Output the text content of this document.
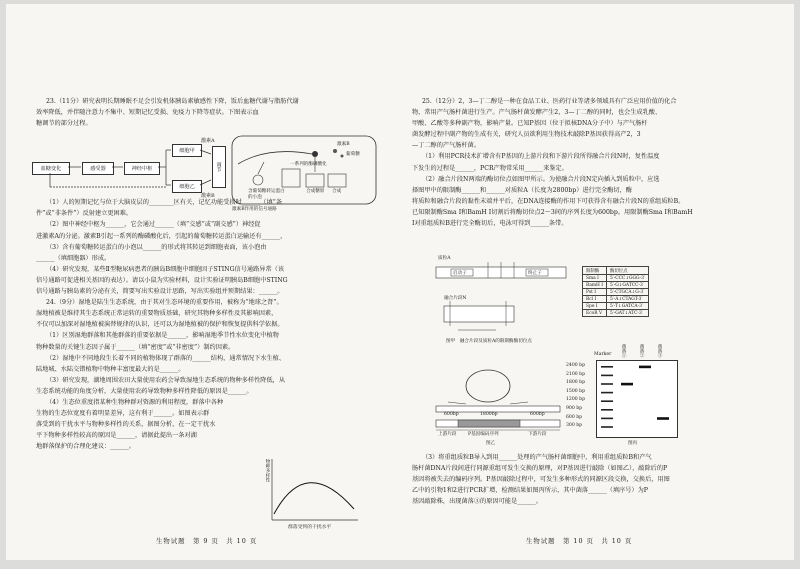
23.（11分）研究表明长期睡眠不足会引发机体胰岛素敏感性下降，饭后血糖代谢与脂肪代谢

效率降低，并伴随注意力不集中、短期记忆受损、免疫力下降等症状。下图表示血

糖调节的部分过程。

（1）人的短期记忆与位于大脑皮层的________区有关，记忆功能受损时______（填“条

件”或“非条件”）反射建立更困难。

（2）图中神经中枢为______，它会通过______（填“交感”或“副交感”）神经促

进激素A的分泌。激素B引起一系列的酶磷酸化后，引起的葡萄糖转运蛋白运输还有______，

（3）含有葡萄糖转运蛋白的小泡以______的形式将其转运到细胞表面，该小泡由

______（填细胞器）形成。

（4）研究发现，某些Ⅱ型糖尿病患者的胰岛B细胞中细胞因子STING信号通路异常（该

信号通路可促进相关基因的表达）。请以小鼠为实验材料，设计实验证明胰岛B细胞中STING

信号通路与胰岛素的分泌有关，简要写出实验设计思路，写出实验组并预期结果：______。

24.（9分）湿地是陆生生态系统，由于其对生态环境的重要作用，被称为“地球之肾”。

湿地植被是维持其生态系统正常运转的重要物质基础，研究其物种多样性及其影响因素，

不仅可以加深对湿地植被演替规律的认识，还可以为湿地植被的保护和恢复提供科学依据。

（1）区别湿地群落和其他群落的重要依据是______，影响湿地季节性水位变化中植物

物种数量的关键生态因子属于______（填“密度”或“非密度”）制约因素。

（2）湿地中不同地段生长着不同的植物体现了群落的______结构，通常情况下水生植、

陆地城、水陆交错植物中物种丰富度最大的是______。

（3）研究发现，湖地周围农田大量使用农药会导致湿地生态系统的物种多样性降低，从

生态系统功能的角度分析，大量使用农药导致物种多样性降低的原因是______。

（4）生态位重度指某种生物种群对资源的利用程度，群落中各种

生物的生态位宽度有着明显差异，这有利于______。如图表示群

落受到的干扰水平与物种多样性的关系，据图分析，在一定干扰水

平下物种多样性较高的原因是______，请据此提出一条对湖

地群落保护的合理化建议：______。

血糖变化	感受器	神经中枢
细胞甲
细胞乙
调节
激素A
激素B
激素B
葡萄糖
一系列的酶磷酸化
合成糖原 合成
含葡萄糖转运蛋白的小泡
激素B作用的信号通路
物种多样性
群落受到的干扰水平

25.（12分）2，3—丁二醇是一种在食品工业、医药行业等诸多领域具有广泛应用价值的化合

物，常用产气肠杆菌进行生产。产气肠杆菌发酵产生2，3—丁二醇的同时，也会生成乳酸、

甲酸、乙酸等多种副产物，影响产量。已知P基因（位于拟核DNA分子中）与产气肠杆

菌发酵过程中副产物的生成有关，研究人员欲利用生物技术敲除P基因获得高产2，3

—丁二醇的产气肠杆菌。

（1）利用PCR技术扩增含有P基因的上游片段和下游片段所得融合片段N时，复性温度

下发生的过程是______，PCR产物常采用______来鉴定。

（2）融合片段N两端的酶切位点如图甲所示。为使融合片段N定向插入到质粒中，应选

择图甲中的限制酶______和______对质粒A（长度为2800bp）进行完全酶切，酶

将质粒和融合片段的黏性末端并平后，在DNA连接酶的作用下可获得含有融合片段N的重组质粒B。

已知限制酶Sma Ⅰ和BamH Ⅰ切割后将酶切位点2～3间的序列长度为600bp。用限制酶Sma Ⅰ和BamH

Ⅰ对重组质粒B进行完全酶切后，电泳可得到______条带。

质粒A
启动子	终止子
融合片段N
图甲　融合片段及质粒A的限制酶酶切位点
限制酶	酶切位点
Sma Ⅰ	5′-CCC↓GGG-3′
BamH Ⅰ	5′-G↓GATCC-3′
Pst Ⅰ	5′-CTGCA↓G-3′
Bcl Ⅰ	5′-A↓CTAGT-3′
Spe Ⅰ	5′-T↓GATCA-3′
EcoR Ⅴ	5′-GAT↓ATC-3′
600bp	1800bp	600bp
上游片段	P基因编码序列	下游片段
图乙
2400 bp
2100 bp
1800 bp
1500 bp
1200 bp
900 bp
600 bp
300 bp
菌落①	菌落②	菌落③
Marker
图丙

（3）将重组质粒B导入到用______处理的产气肠杆菌细胞中，利用重组质粒B和产气

肠杆菌DNA片段间进行同源重组可发生交换的原理，对P基因进行敲除（如图乙），敲除后的P

基因将被失去的编码序列。P基因敲除过程中，可发生多种形式的同源区段交换，交换后，用图

乙中的引物1和2进行PCR扩增，检测结果如图丙所示，其中菌落______（填序号）为P

基因敲除株，出现菌落③的原因可能是______。

生物试题　第 9 页　共 10 页	生物试题　第 10 页　共 10 页
